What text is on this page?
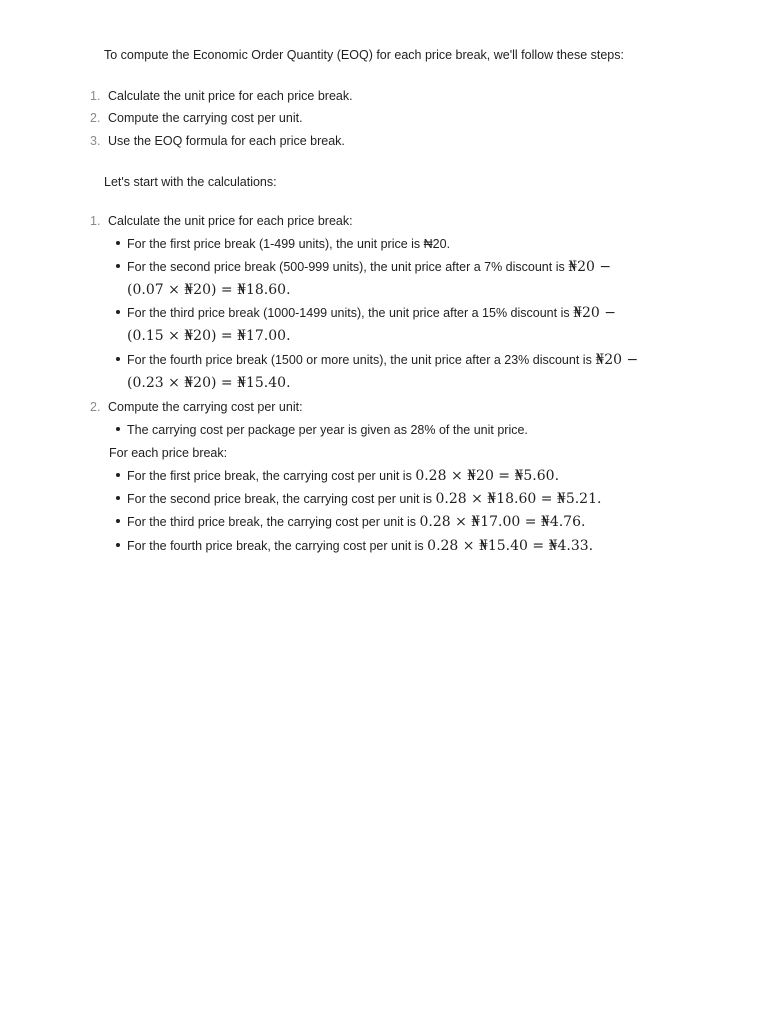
To compute the Economic Order Quantity (EOQ) for each price break, we'll follow these steps:
1. Calculate the unit price for each price break.
2. Compute the carrying cost per unit.
3. Use the EOQ formula for each price break.
Let's start with the calculations:
1. Calculate the unit price for each price break:
For the first price break (1-499 units), the unit price is ₦20.
For the second price break (500-999 units), the unit price after a 7% discount is ₦20 −
(0.07 × ₦20) = ₦18.60.
For the third price break (1000-1499 units), the unit price after a 15% discount is ₦20 −
(0.15 × ₦20) = ₦17.00.
For the fourth price break (1500 or more units), the unit price after a 23% discount is ₦20 −
(0.23 × ₦20) = ₦15.40.
2. Compute the carrying cost per unit:
The carrying cost per package per year is given as 28% of the unit price.
For each price break:
For the first price break, the carrying cost per unit is 0.28 × ₦20 = ₦5.60.
For the second price break, the carrying cost per unit is 0.28 × ₦18.60 = ₦5.21.
For the third price break, the carrying cost per unit is 0.28 × ₦17.00 = ₦4.76.
For the fourth price break, the carrying cost per unit is 0.28 × ₦15.40 = ₦4.33.
